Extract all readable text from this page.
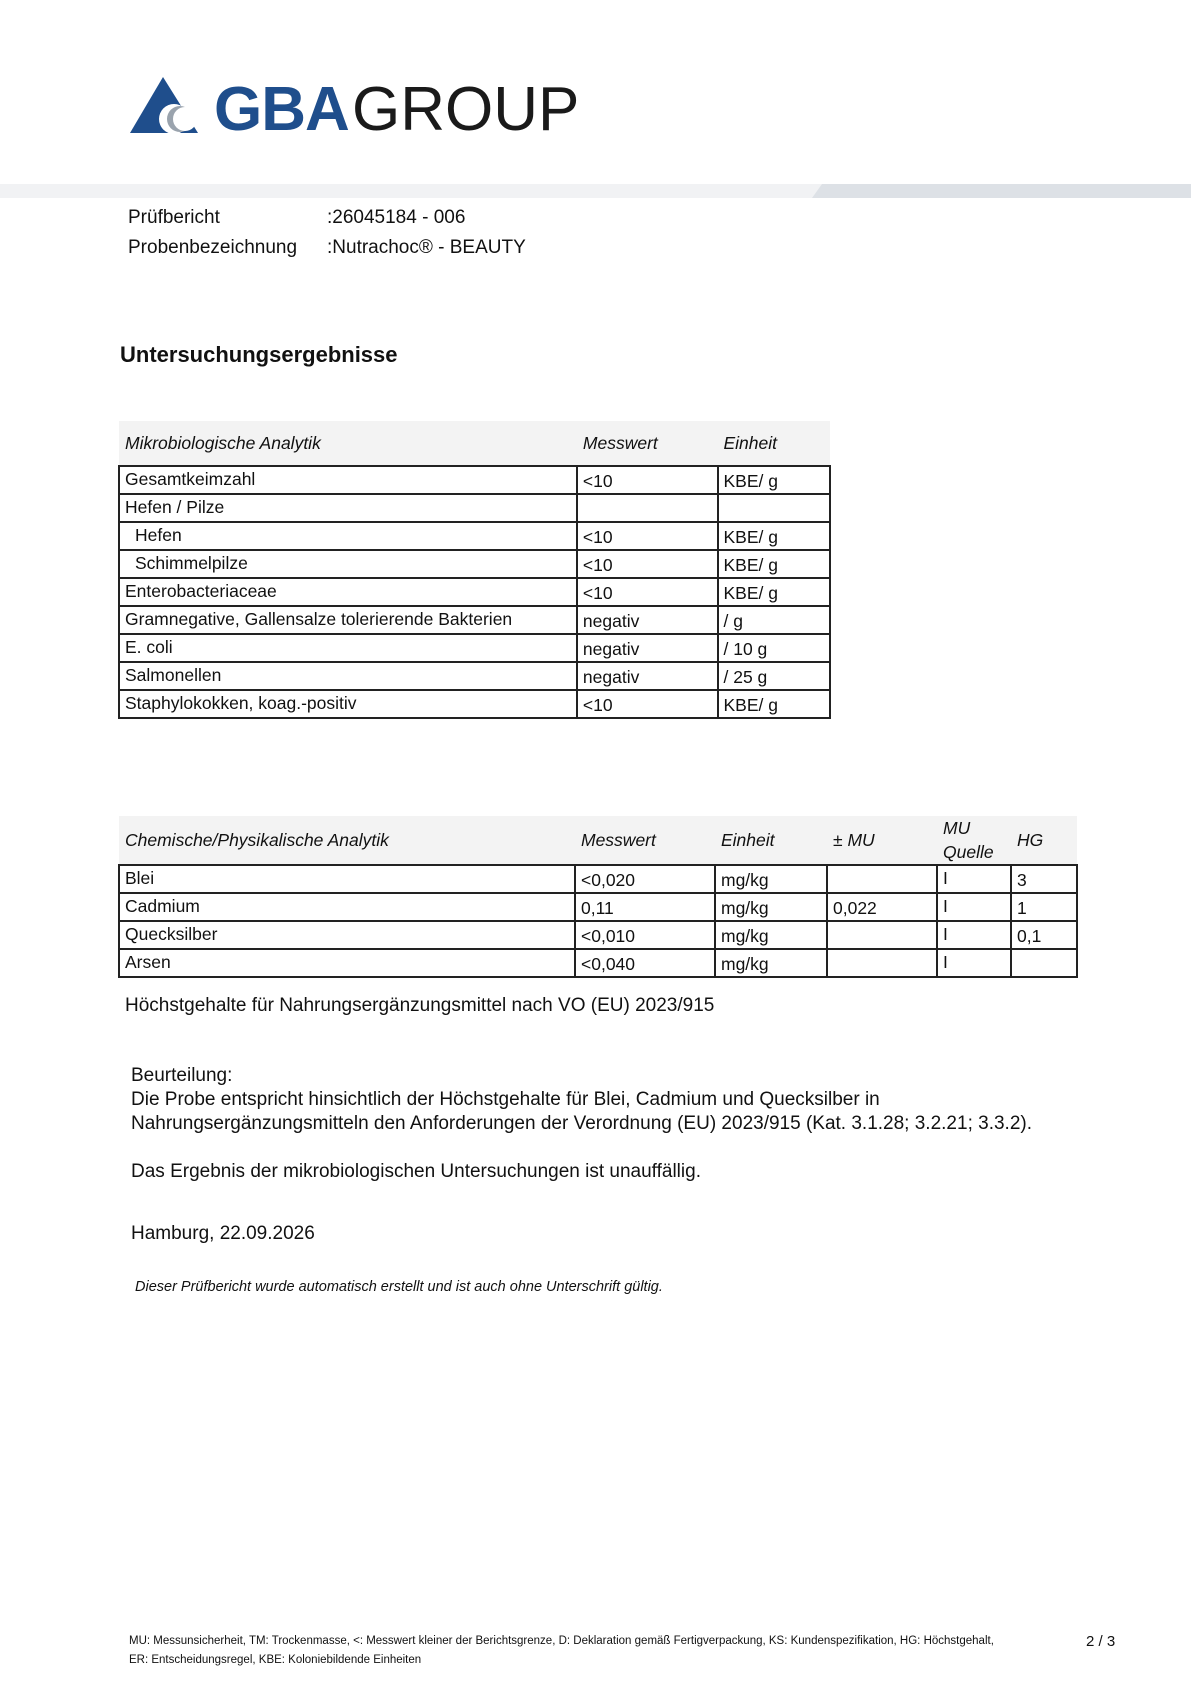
GBA GROUP
Prüfbericht	:26045184 - 006
Probenbezeichnung :Nutrachoc® - BEAUTY
Untersuchungsergebnisse
Mikrobiologische Analytik	Messwert	Einheit
Gesamtkeimzahl	<10	KBE/ g
Hefen / Pilze		
Hefen	<10	KBE/ g
Schimmelpilze	<10	KBE/ g
Enterobacteriaceae	<10	KBE/ g
Gramnegative, Gallensalze tolerierende Bakterien	negativ	/ g
E. coli	negativ	/ 10 g
Salmonellen	negativ	/ 25 g
Staphylokokken, koag.-positiv	<10	KBE/ g
Chemische/Physikalische Analytik	Messwert	Einheit	± MU	MU Quelle	HG
Blei	<0,020	mg/kg		I	3
Cadmium	0,11	mg/kg	0,022	I	1
Quecksilber	<0,010	mg/kg		I	0,1
Arsen	<0,040	mg/kg		I	
Höchstgehalte für Nahrungsergänzungsmittel nach VO (EU) 2023/915
Beurteilung:
Die Probe entspricht hinsichtlich der Höchstgehalte für Blei, Cadmium und Quecksilber in
Nahrungsergänzungsmitteln den Anforderungen der Verordnung (EU) 2023/915 (Kat. 3.1.28; 3.2.21; 3.3.2).
Das Ergebnis der mikrobiologischen Untersuchungen ist unauffällig.
Hamburg, 22.09.2026
Dieser Prüfbericht wurde automatisch erstellt und ist auch ohne Unterschrift gültig.
MU: Messunsicherheit, TM: Trockenmasse, <: Messwert kleiner der Berichtsgrenze, D: Deklaration gemäß Fertigverpackung, KS: Kundenspezifikation, HG: Höchstgehalt,
ER: Entscheidungsregel, KBE: Koloniebildende Einheiten
2 / 3
